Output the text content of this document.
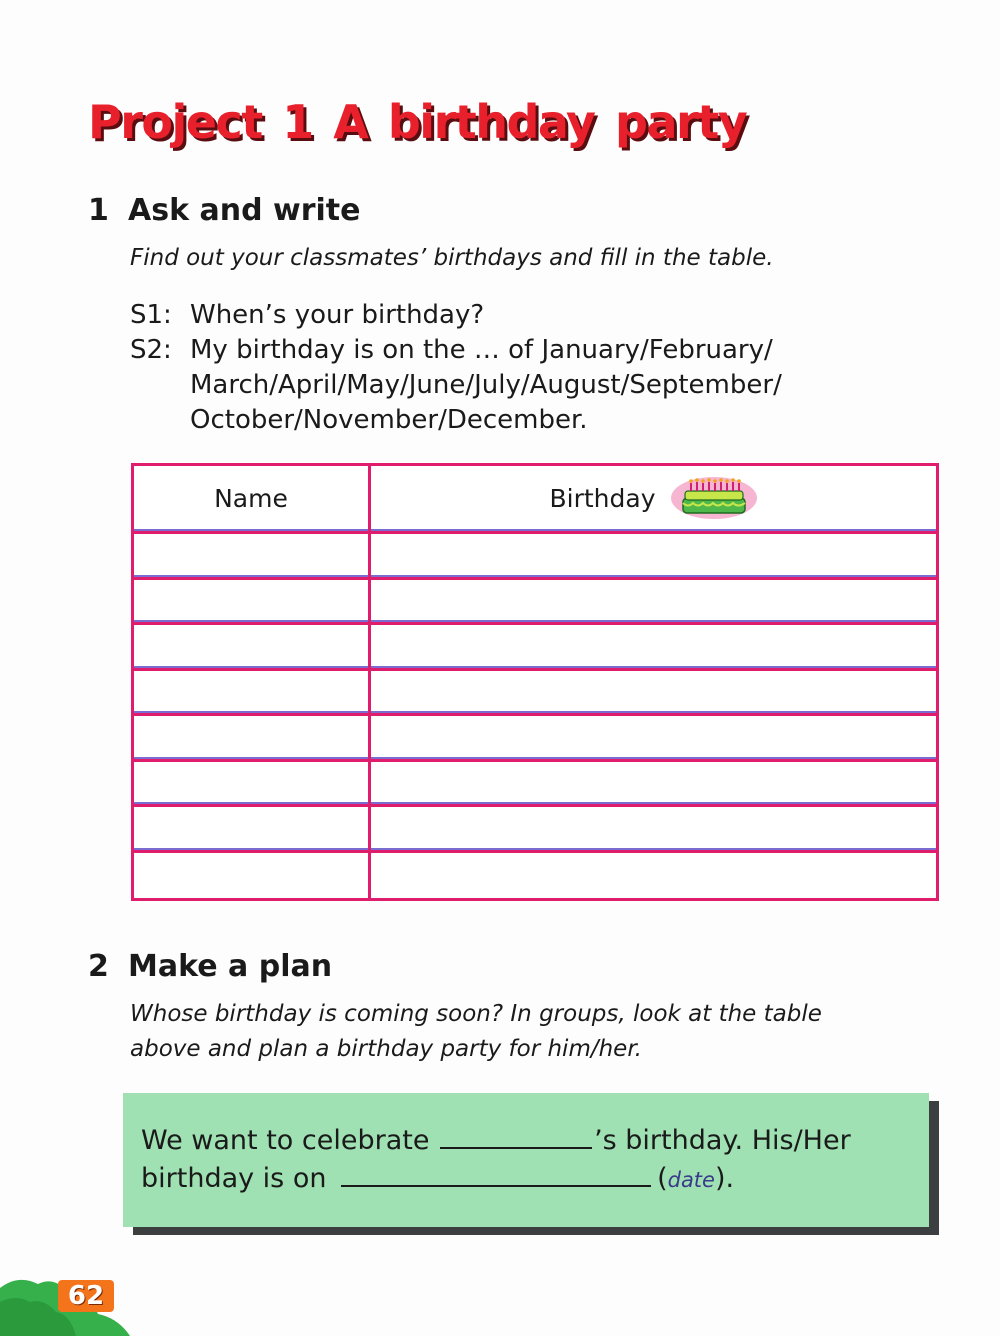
Project 1 A birthday party
1 Ask and write
Find out your classmates’ birthdays and fill in the table.
S1: When’s your birthday?
S2: My birthday is on the … of January/February/ March/April/May/June/July/August/September/ October/November/December.
Name	Birthday
2 Make a plan
Whose birthday is coming soon? In groups, look at the table above and plan a birthday party for him/her.
We want to celebrate	’s birthday. His/Her birthday is on	(date).
62
